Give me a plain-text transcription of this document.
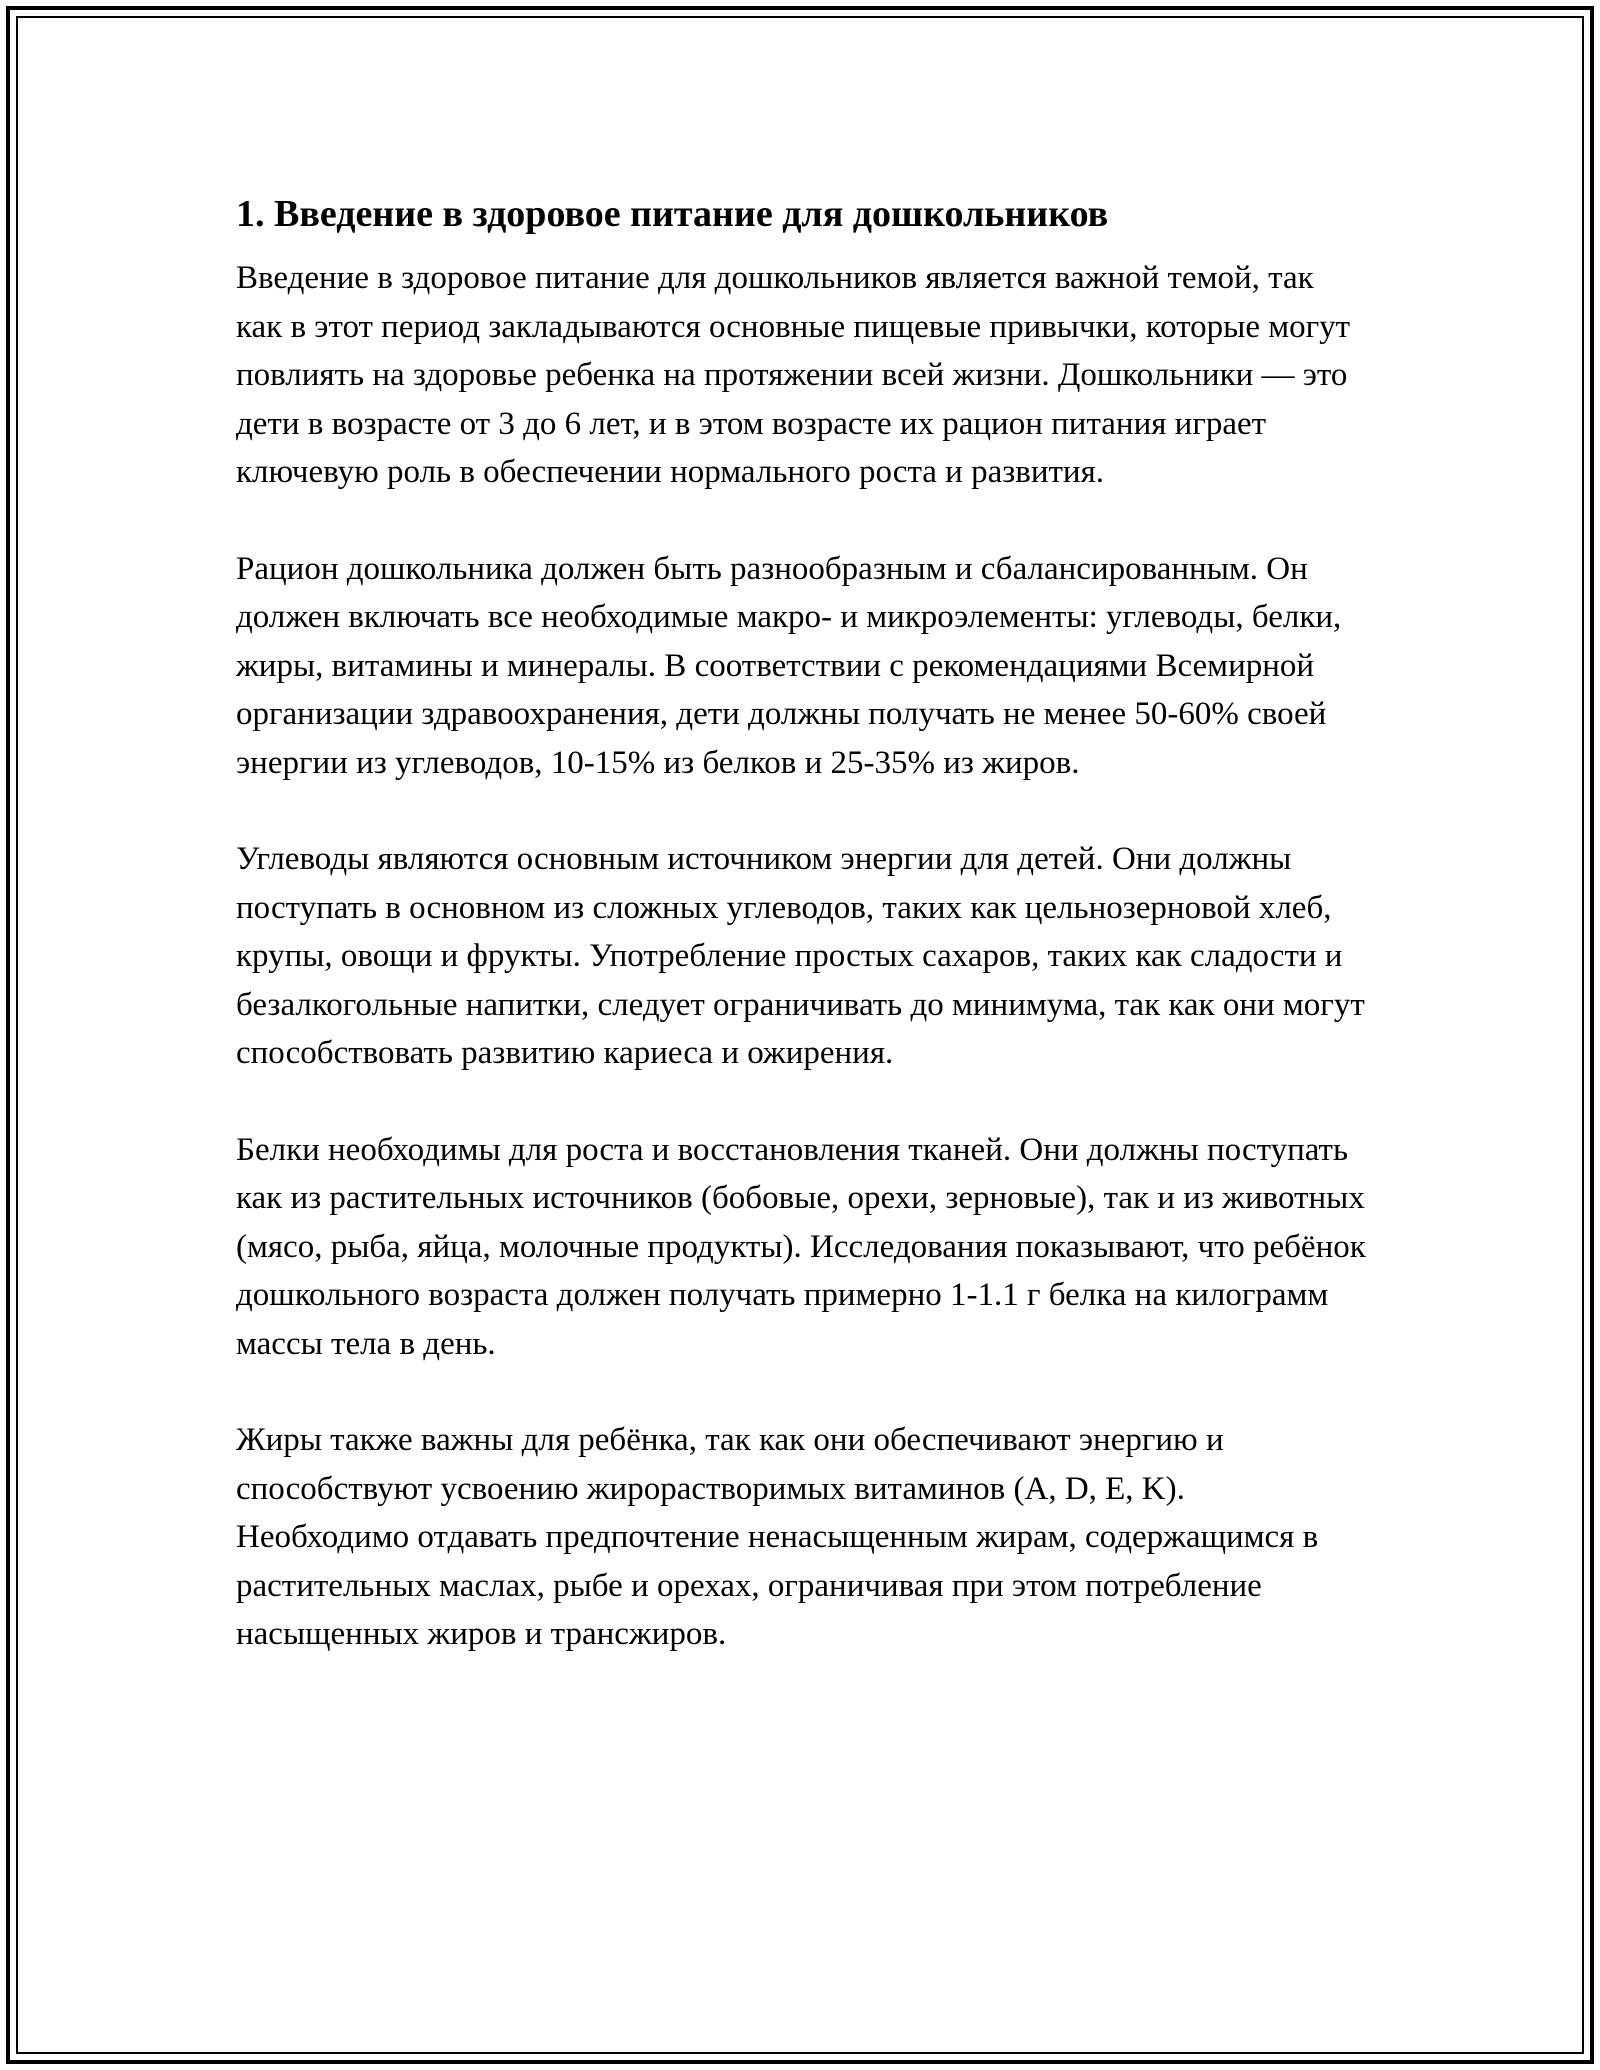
1. Введение в здоровое питание для дошкольников

Введение в здоровое питание для дошкольников является важной темой, так как в этот период закладываются основные пищевые привычки, которые могут повлиять на здоровье ребенка на протяжении всей жизни. Дошкольники — это дети в возрасте от 3 до 6 лет, и в этом возрасте их рацион питания играет ключевую роль в обеспечении нормального роста и развития.

Рацион дошкольника должен быть разнообразным и сбалансированным. Он должен включать все необходимые макро- и микроэлементы: углеводы, белки, жиры, витамины и минералы. В соответствии с рекомендациями Всемирной организации здравоохранения, дети должны получать не менее 50-60% своей энергии из углеводов, 10-15% из белков и 25-35% из жиров.

Углеводы являются основным источником энергии для детей. Они должны поступать в основном из сложных углеводов, таких как цельнозерновой хлеб, крупы, овощи и фрукты. Употребление простых сахаров, таких как сладости и безалкогольные напитки, следует ограничивать до минимума, так как они могут способствовать развитию кариеса и ожирения.

Белки необходимы для роста и восстановления тканей. Они должны поступать как из растительных источников (бобовые, орехи, зерновые), так и из животных (мясо, рыба, яйца, молочные продукты). Исследования показывают, что ребёнок дошкольного возраста должен получать примерно 1-1.1 г белка на килограмм массы тела в день.

Жиры также важны для ребёнка, так как они обеспечивают энергию и способствуют усвоению жирорастворимых витаминов (A, D, E, K). Необходимо отдавать предпочтение ненасыщенным жирам, содержащимся в растительных маслах, рыбе и орехах, ограничивая при этом потребление насыщенных жиров и трансжиров.
